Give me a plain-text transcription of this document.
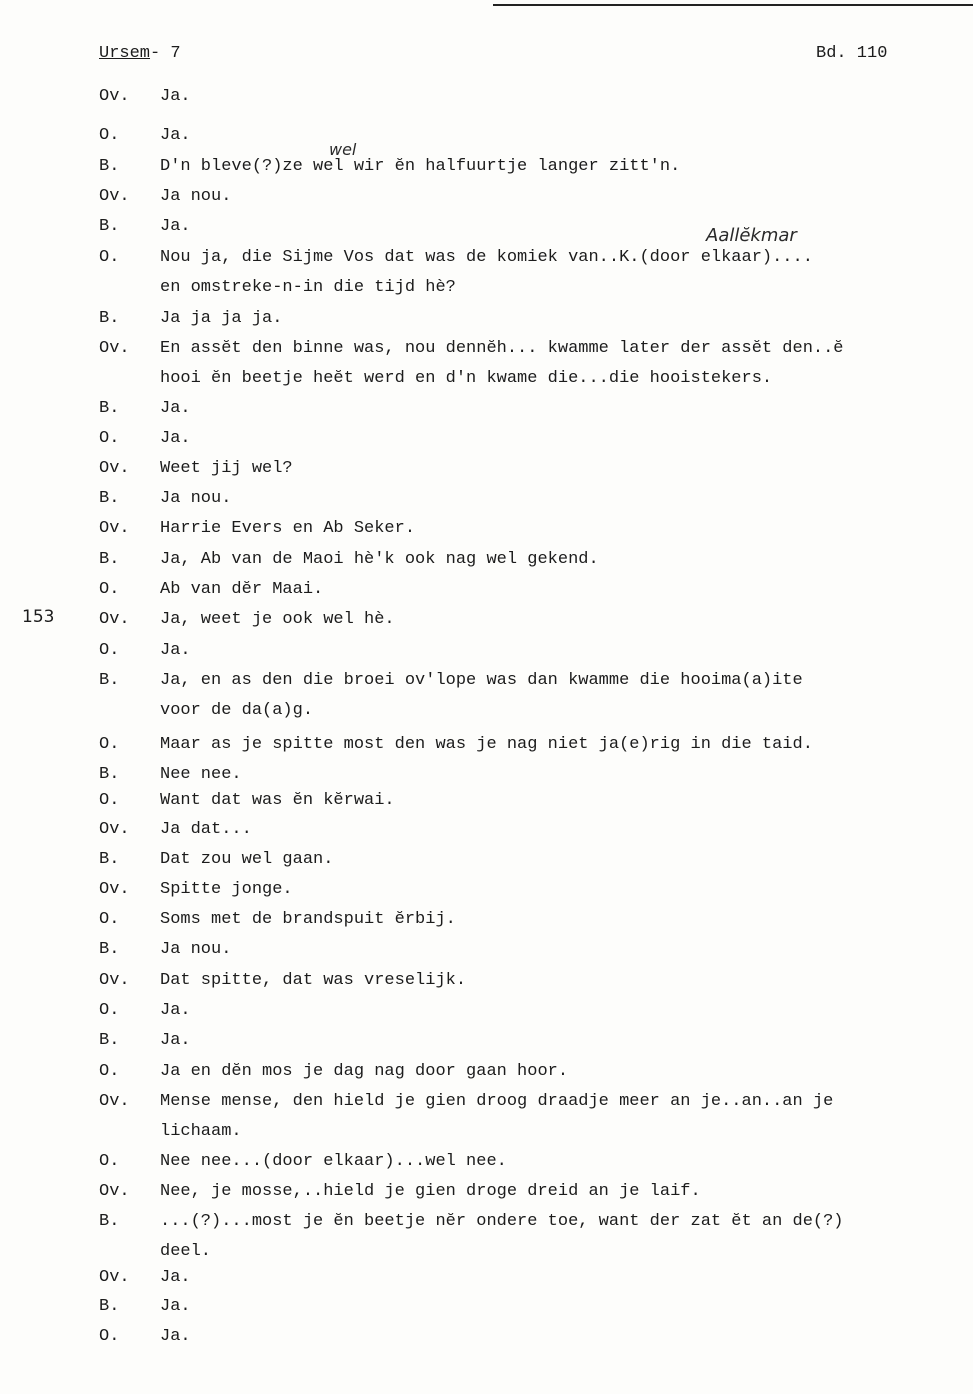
Ursem- 7	Bd. 110
153
wel
Aallĕkmar
Ov. Ja.
O. Ja.
B. D'n bleve(?)ze wel wir ĕn halfuurtje langer zitt'n.
Ov. Ja nou.
B. Ja.
O. Nou ja, die Sijme Vos dat was de komiek van..K.(door elkaar)....
en omstreke-n-in die tijd hè?
B. Ja ja ja ja.
Ov. En assĕt den binne was, nou dennĕh... kwamme later der assĕt den..ĕ
hooi ĕn beetje heĕt werd en d'n kwame die...die hooistekers.
B. Ja.
O. Ja.
Ov. Weet jij wel?
B. Ja nou.
Ov. Harrie Evers en Ab Seker.
B. Ja, Ab van de Maoi hè'k ook nag wel gekend.
O. Ab van dĕr Maai.
Ov. Ja, weet je ook wel hè.
O. Ja.
B. Ja, en as den die broei ov'lope was dan kwamme die hooima(a)ite
voor de da(a)g.
O. Maar as je spitte most den was je nag niet ja(e)rig in die taid.
B. Nee nee.
O. Want dat was ĕn kĕrwai.
Ov. Ja dat...
B. Dat zou wel gaan.
Ov. Spitte jonge.
O. Soms met de brandspuit ĕrbij.
B. Ja nou.
Ov. Dat spitte, dat was vreselijk.
O. Ja.
B. Ja.
O. Ja en dĕn mos je dag nag door gaan hoor.
Ov. Mense mense, den hield je gien droog draadje meer an je..an..an je
lichaam.
O. Nee nee...(door elkaar)...wel nee.
Ov. Nee, je mosse,..hield je gien droge dreid an je laif.
B. ...(?)...most je ĕn beetje nĕr ondere toe, want der zat ĕt an de(?)
deel.
Ov. Ja.
B. Ja.
O. Ja.
